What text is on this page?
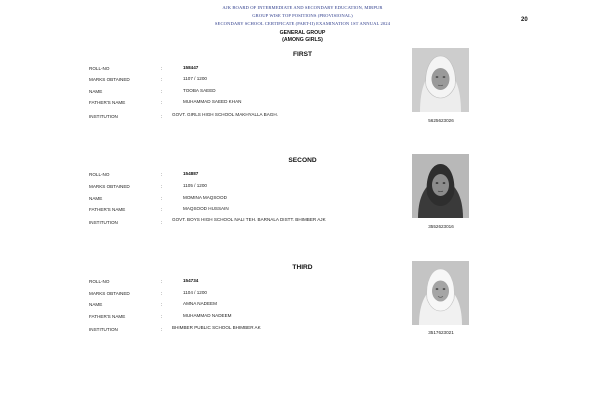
AJK BOARD OF INTERMEDIATE AND SECONDARY EDUCATION, MIRPUR
GROUP WISE TOP POSITIONS (PROVISIONAL)
SECONDARY SCHOOL CERTIFICATE (PART-II) EXAMINATION 1ST ANNUAL 2024
20
GENERAL GROUP
(AMONG GIRLS)
FIRST
ROLL-NO	:	158447
MARKS OBTAINED	:	1107 / 1200
NAME	:	TOOBA SAEED
FATHER'S NAME	:	MUHAMMAD SAEED KHAN
INSTITUTION	: GOVT. GIRLS HIGH SCHOOL MAKHYALLA BAGH.
5625623026
SECOND
ROLL-NO	:	154887
MARKS OBTAINED	:	1105 / 1200
NAME	:	MOMINA MAQSOOD
FATHER'S NAME	:	MAQSOOD HUSSAIN
INSTITUTION	:
GOVT. BOYS HIGH SCHOOL NALI TEH. BARNALA DISTT. BHIMBER AJK
3552623016
THIRD
ROLL-NO	:	154734
MARKS OBTAINED	:	1104 / 1200
NAME	:	AMNA NADEEM
FATHER'S NAME	:	MUHAMMAD NADEEM
INSTITUTION	: BHIMBER PUBLIC SCHOOL BHIMBER AK
3517623021
